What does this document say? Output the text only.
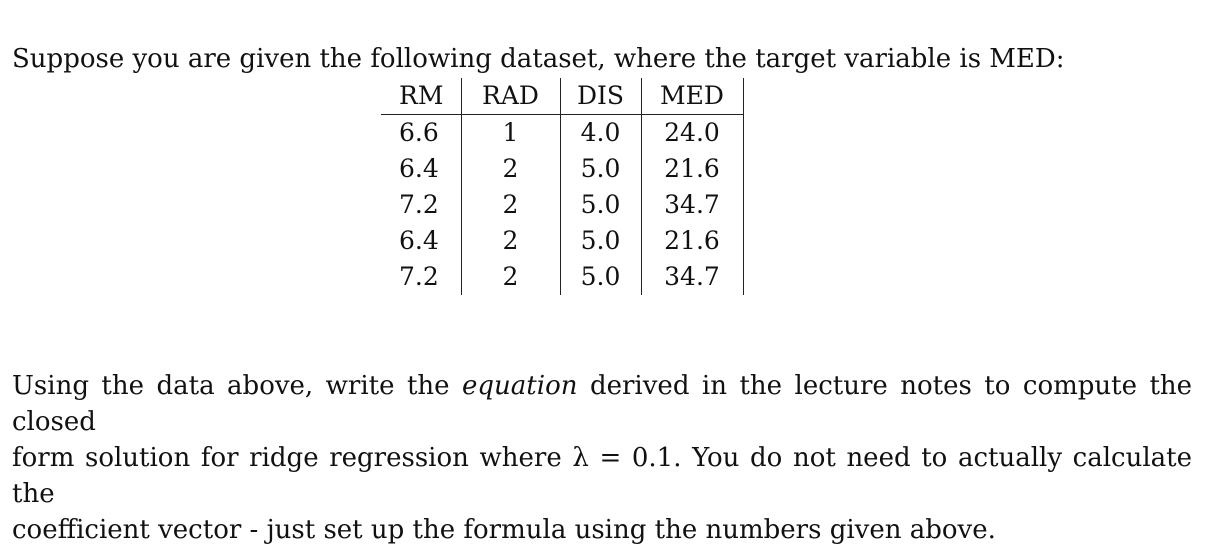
Suppose you are given the following dataset, where the target variable is MED:

RM	RAD	DIS	MED
6.6	1	4.0	24.0
6.4	2	5.0	21.6
7.2	2	5.0	34.7
6.4	2	5.0	21.6
7.2	2	5.0	34.7
Using the data above, write the equation derived in the lecture notes to compute the closed
form solution for ridge regression where λ = 0.1. You do not need to actually calculate the
coefficient vector - just set up the formula using the numbers given above.
